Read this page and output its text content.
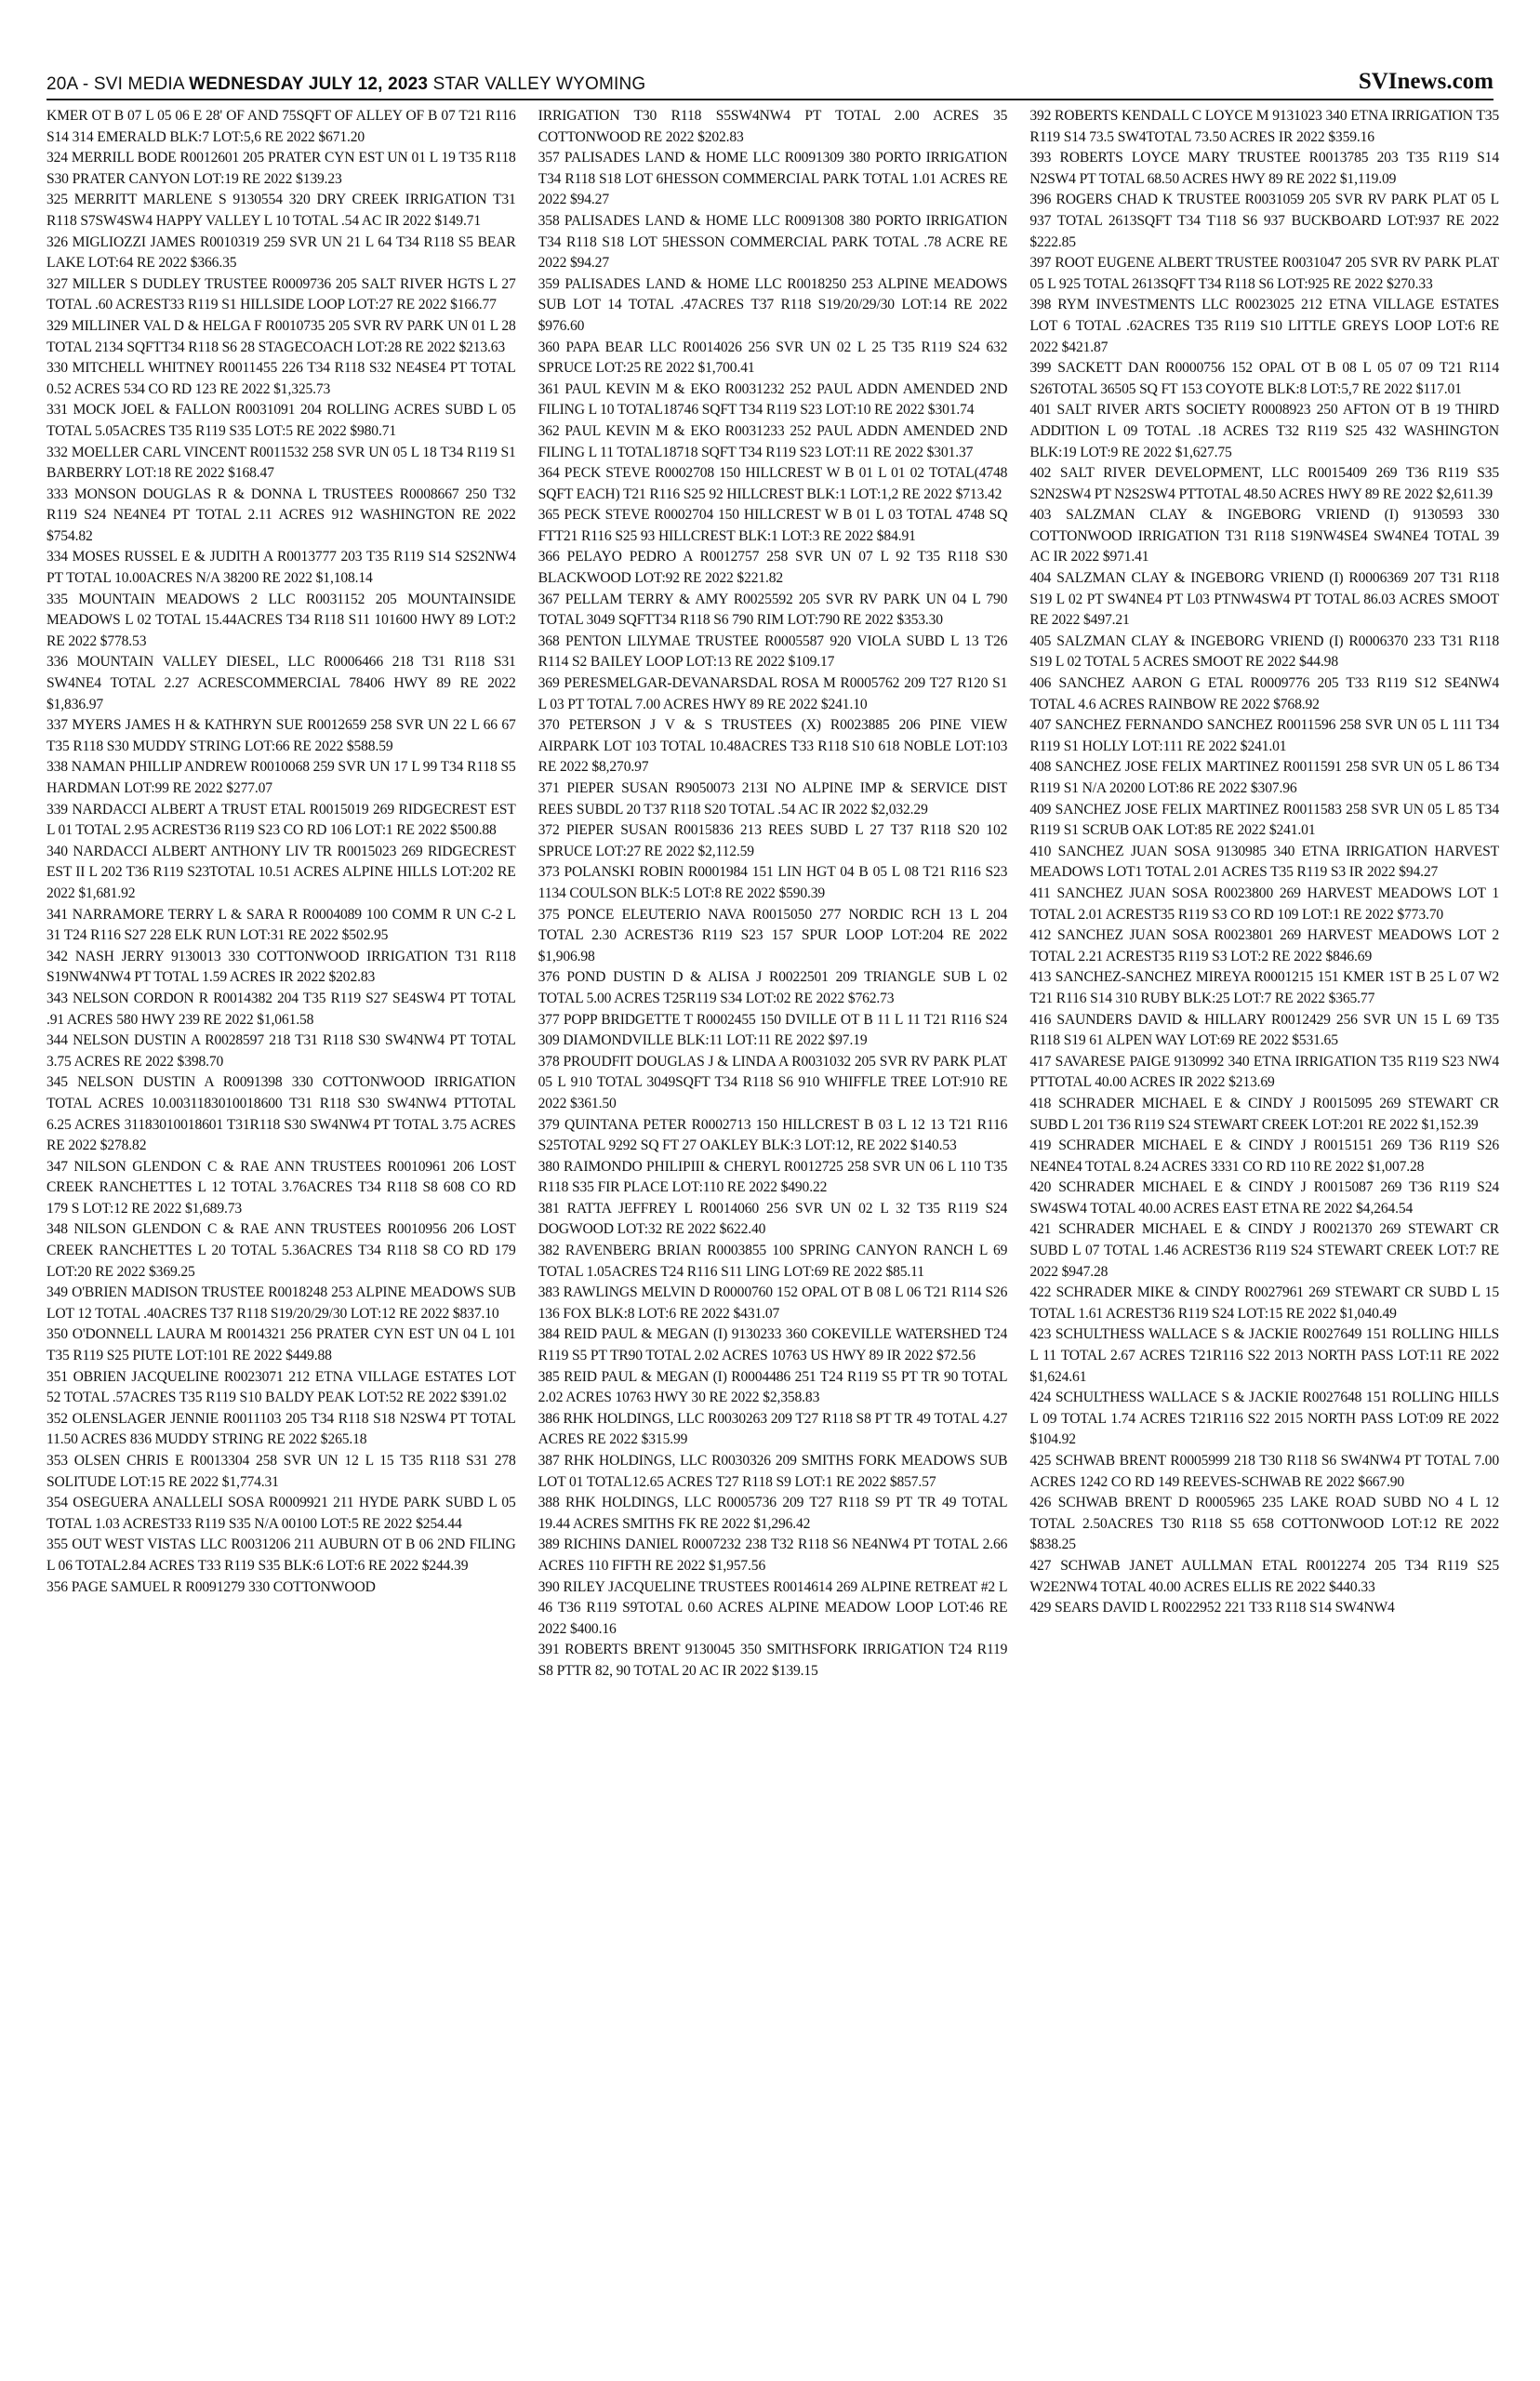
20A - SVI MEDIA WEDNESDAY JULY 12, 2023 STAR VALLEY WYOMING	SVInews.com

KMER OT B 07 L 05 06 E 28' OF AND 75SQFT OF ALLEY OF B 07 T21 R116 S14 314 EMERALD BLK:7 LOT:5,6 RE 2022 $671.20

324 MERRILL BODE R0012601 205 PRATER CYN EST UN 01 L 19 T35 R118 S30 PRATER CANYON LOT:19 RE 2022 $139.23

325 MERRITT MARLENE S 9130554 320 DRY CREEK IRRIGATION T31 R118 S7SW4SW4 HAPPY VALLEY L 10 TOTAL .54 AC IR 2022 $149.71

326 MIGLIOZZI JAMES R0010319 259 SVR UN 21 L 64 T34 R118 S5 BEAR LAKE LOT:64 RE 2022 $366.35

327 MILLER S DUDLEY TRUSTEE R0009736 205 SALT RIVER HGTS L 27 TOTAL .60 ACREST33 R119 S1 HILLSIDE LOOP LOT:27 RE 2022 $166.77

329 MILLINER VAL D & HELGA F R0010735 205 SVR RV PARK UN 01 L 28 TOTAL 2134 SQFTT34 R118 S6 28 STAGECOACH LOT:28 RE 2022 $213.63

330 MITCHELL WHITNEY R0011455 226 T34 R118 S32 NE4SE4 PT TOTAL 0.52 ACRES 534 CO RD 123 RE 2022 $1,325.73

331 MOCK JOEL & FALLON R0031091 204 ROLLING ACRES SUBD L 05 TOTAL 5.05ACRES T35 R119 S35 LOT:5 RE 2022 $980.71

332 MOELLER CARL VINCENT R0011532 258 SVR UN 05 L 18 T34 R119 S1 BARBERRY LOT:18 RE 2022 $168.47

333 MONSON DOUGLAS R & DONNA L TRUSTEES R0008667 250 T32 R119 S24 NE4NE4 PT TOTAL 2.11 ACRES 912 WASHINGTON RE 2022 $754.82

334 MOSES RUSSEL E & JUDITH A R0013777 203 T35 R119 S14 S2S2NW4 PT TOTAL 10.00ACRES N/A 38200 RE 2022 $1,108.14

335 MOUNTAIN MEADOWS 2 LLC R0031152 205 MOUNTAINSIDE MEADOWS L 02 TOTAL 15.44ACRES T34 R118 S11 101600 HWY 89 LOT:2 RE 2022 $778.53

336 MOUNTAIN VALLEY DIESEL, LLC R0006466 218 T31 R118 S31 SW4NE4 TOTAL 2.27 ACRESCOMMERCIAL 78406 HWY 89 RE 2022 $1,836.97

337 MYERS JAMES H & KATHRYN SUE R0012659 258 SVR UN 22 L 66 67 T35 R118 S30 MUDDY STRING LOT:66 RE 2022 $588.59

338 NAMAN PHILLIP ANDREW R0010068 259 SVR UN 17 L 99 T34 R118 S5 HARDMAN LOT:99 RE 2022 $277.07

339 NARDACCI ALBERT A TRUST ETAL R0015019 269 RIDGECREST EST L 01 TOTAL 2.95 ACREST36 R119 S23 CO RD 106 LOT:1 RE 2022 $500.88

340 NARDACCI ALBERT ANTHONY LIV TR R0015023 269 RIDGECREST EST II L 202 T36 R119 S23TOTAL 10.51 ACRES ALPINE HILLS LOT:202 RE 2022 $1,681.92

341 NARRAMORE TERRY L & SARA R R0004089 100 COMM R UN C-2 L 31 T24 R116 S27 228 ELK RUN LOT:31 RE 2022 $502.95

342 NASH JERRY 9130013 330 COTTONWOOD IRRIGATION T31 R118 S19NW4NW4 PT TOTAL 1.59 ACRES IR 2022 $202.83

343 NELSON CORDON R R0014382 204 T35 R119 S27 SE4SW4 PT TOTAL .91 ACRES 580 HWY 239 RE 2022 $1,061.58

344 NELSON DUSTIN A R0028597 218 T31 R118 S30 SW4NW4 PT TOTAL 3.75 ACRES RE 2022 $398.70

345 NELSON DUSTIN A R0091398 330 COTTONWOOD IRRIGATION TOTAL ACRES 10.0031183010018600 T31 R118 S30 SW4NW4 PTTOTAL 6.25 ACRES 31183010018601 T31R118 S30 SW4NW4 PT TOTAL 3.75 ACRES RE 2022 $278.82

347 NILSON GLENDON C & RAE ANN TRUSTEES R0010961 206 LOST CREEK RANCHETTES L 12 TOTAL 3.76ACRES T34 R118 S8 608 CO RD 179 S LOT:12 RE 2022 $1,689.73

348 NILSON GLENDON C & RAE ANN TRUSTEES R0010956 206 LOST CREEK RANCHETTES L 20 TOTAL 5.36ACRES T34 R118 S8 CO RD 179 LOT:20 RE 2022 $369.25

349 O'BRIEN MADISON TRUSTEE R0018248 253 ALPINE MEADOWS SUB LOT 12 TOTAL .40ACRES T37 R118 S19/20/29/30 LOT:12 RE 2022 $837.10

350 O'DONNELL LAURA M R0014321 256 PRATER CYN EST UN 04 L 101 T35 R119 S25 PIUTE LOT:101 RE 2022 $449.88

351 OBRIEN JACQUELINE R0023071 212 ETNA VILLAGE ESTATES LOT 52 TOTAL .57ACRES T35 R119 S10 BALDY PEAK LOT:52 RE 2022 $391.02

352 OLENSLAGER JENNIE R0011103 205 T34 R118 S18 N2SW4 PT TOTAL 11.50 ACRES 836 MUDDY STRING RE 2022 $265.18

353 OLSEN CHRIS E R0013304 258 SVR UN 12 L 15 T35 R118 S31 278 SOLITUDE LOT:15 RE 2022 $1,774.31

354 OSEGUERA ANALLELI SOSA R0009921 211 HYDE PARK SUBD L 05 TOTAL 1.03 ACREST33 R119 S35 N/A 00100 LOT:5 RE 2022 $254.44

355 OUT WEST VISTAS LLC R0031206 211 AUBURN OT B 06 2ND FILING L 06 TOTAL2.84 ACRES T33 R119 S35 BLK:6 LOT:6 RE 2022 $244.39

356 PAGE SAMUEL R R0091279 330 COTTONWOOD

IRRIGATION T30 R118 S5SW4NW4 PT TOTAL 2.00 ACRES 35 COTTONWOOD RE 2022 $202.83

357 PALISADES LAND & HOME LLC R0091309 380 PORTO IRRIGATION T34 R118 S18 LOT 6HESSON COMMERCIAL PARK TOTAL 1.01 ACRES RE 2022 $94.27

358 PALISADES LAND & HOME LLC R0091308 380 PORTO IRRIGATION T34 R118 S18 LOT 5HESSON COMMERCIAL PARK TOTAL .78 ACRE RE 2022 $94.27

359 PALISADES LAND & HOME LLC R0018250 253 ALPINE MEADOWS SUB LOT 14 TOTAL .47ACRES T37 R118 S19/20/29/30 LOT:14 RE 2022 $976.60

360 PAPA BEAR LLC R0014026 256 SVR UN 02 L 25 T35 R119 S24 632 SPRUCE LOT:25 RE 2022 $1,700.41

361 PAUL KEVIN M & EKO R0031232 252 PAUL ADDN AMENDED 2ND FILING L 10 TOTAL18746 SQFT T34 R119 S23 LOT:10 RE 2022 $301.74

362 PAUL KEVIN M & EKO R0031233 252 PAUL ADDN AMENDED 2ND FILING L 11 TOTAL18718 SQFT T34 R119 S23 LOT:11 RE 2022 $301.37

364 PECK STEVE R0002708 150 HILLCREST W B 01 L 01 02 TOTAL(4748 SQFT EACH) T21 R116 S25 92 HILLCREST BLK:1 LOT:1,2 RE 2022 $713.42

365 PECK STEVE R0002704 150 HILLCREST W B 01 L 03 TOTAL 4748 SQ FTT21 R116 S25 93 HILLCREST BLK:1 LOT:3 RE 2022 $84.91

366 PELAYO PEDRO A R0012757 258 SVR UN 07 L 92 T35 R118 S30 BLACKWOOD LOT:92 RE 2022 $221.82

367 PELLAM TERRY & AMY R0025592 205 SVR RV PARK UN 04 L 790 TOTAL 3049 SQFTT34 R118 S6 790 RIM LOT:790 RE 2022 $353.30

368 PENTON LILYMAE TRUSTEE R0005587 920 VIOLA SUBD L 13 T26 R114 S2 BAILEY LOOP LOT:13 RE 2022 $109.17

369 PERESMELGAR-DEVANARSDAL ROSA M R0005762 209 T27 R120 S1 L 03 PT TOTAL 7.00 ACRES HWY 89 RE 2022 $241.10

370 PETERSON J V & S TRUSTEES (X) R0023885 206 PINE VIEW AIRPARK LOT 103 TOTAL 10.48ACRES T33 R118 S10 618 NOBLE LOT:103 RE 2022 $8,270.97

371 PIEPER SUSAN R9050073 213I NO ALPINE IMP & SERVICE DIST REES SUBDL 20 T37 R118 S20 TOTAL .54 AC IR 2022 $2,032.29

372 PIEPER SUSAN R0015836 213 REES SUBD L 27 T37 R118 S20 102 SPRUCE LOT:27 RE 2022 $2,112.59

373 POLANSKI ROBIN R0001984 151 LIN HGT 04 B 05 L 08 T21 R116 S23 1134 COULSON BLK:5 LOT:8 RE 2022 $590.39

375 PONCE ELEUTERIO NAVA R0015050 277 NORDIC RCH 13 L 204 TOTAL 2.30 ACREST36 R119 S23 157 SPUR LOOP LOT:204 RE 2022 $1,906.98

376 POND DUSTIN D & ALISA J R0022501 209 TRIANGLE SUB L 02 TOTAL 5.00 ACRES T25R119 S34 LOT:02 RE 2022 $762.73

377 POPP BRIDGETTE T R0002455 150 DVILLE OT B 11 L 11 T21 R116 S24 309 DIAMONDVILLE BLK:11 LOT:11 RE 2022 $97.19

378 PROUDFIT DOUGLAS J & LINDA A R0031032 205 SVR RV PARK PLAT 05 L 910 TOTAL 3049SQFT T34 R118 S6 910 WHIFFLE TREE LOT:910 RE 2022 $361.50

379 QUINTANA PETER R0002713 150 HILLCREST B 03 L 12 13 T21 R116 S25TOTAL 9292 SQ FT 27 OAKLEY BLK:3 LOT:12, RE 2022 $140.53

380 RAIMONDO PHILIPIII & CHERYL R0012725 258 SVR UN 06 L 110 T35 R118 S35 FIR PLACE LOT:110 RE 2022 $490.22

381 RATTA JEFFREY L R0014060 256 SVR UN 02 L 32 T35 R119 S24 DOGWOOD LOT:32 RE 2022 $622.40

382 RAVENBERG BRIAN R0003855 100 SPRING CANYON RANCH L 69 TOTAL 1.05ACRES T24 R116 S11 LING LOT:69 RE 2022 $85.11

383 RAWLINGS MELVIN D R0000760 152 OPAL OT B 08 L 06 T21 R114 S26 136 FOX BLK:8 LOT:6 RE 2022 $431.07

384 REID PAUL & MEGAN (I) 9130233 360 COKEVILLE WATERSHED T24 R119 S5 PT TR90 TOTAL 2.02 ACRES 10763 US HWY 89 IR 2022 $72.56

385 REID PAUL & MEGAN (I) R0004486 251 T24 R119 S5 PT TR 90 TOTAL 2.02 ACRES 10763 HWY 30 RE 2022 $2,358.83

386 RHK HOLDINGS, LLC R0030263 209 T27 R118 S8 PT TR 49 TOTAL 4.27 ACRES RE 2022 $315.99

387 RHK HOLDINGS, LLC R0030326 209 SMITHS FORK MEADOWS SUB LOT 01 TOTAL12.65 ACRES T27 R118 S9 LOT:1 RE 2022 $857.57

388 RHK HOLDINGS, LLC R0005736 209 T27 R118 S9 PT TR 49 TOTAL 19.44 ACRES SMITHS FK RE 2022 $1,296.42

389 RICHINS DANIEL R0007232 238 T32 R118 S6 NE4NW4 PT TOTAL 2.66 ACRES 110 FIFTH RE 2022 $1,957.56

390 RILEY JACQUELINE TRUSTEES R0014614 269 ALPINE RETREAT #2 L 46 T36 R119 S9TOTAL 0.60 ACRES ALPINE MEADOW LOOP LOT:46 RE 2022 $400.16

391 ROBERTS BRENT 9130045 350 SMITHSFORK IRRIGATION T24 R119 S8 PTTR 82, 90 TOTAL 20 AC IR 2022 $139.15

392 ROBERTS KENDALL C LOYCE M 9131023 340 ETNA IRRIGATION T35 R119 S14 73.5 SW4TOTAL 73.50 ACRES IR 2022 $359.16

393 ROBERTS LOYCE MARY TRUSTEE R0013785 203 T35 R119 S14 N2SW4 PT TOTAL 68.50 ACRES HWY 89 RE 2022 $1,119.09

396 ROGERS CHAD K TRUSTEE R0031059 205 SVR RV PARK PLAT 05 L 937 TOTAL 2613SQFT T34 T118 S6 937 BUCKBOARD LOT:937 RE 2022 $222.85

397 ROOT EUGENE ALBERT TRUSTEE R0031047 205 SVR RV PARK PLAT 05 L 925 TOTAL 2613SQFT T34 R118 S6 LOT:925 RE 2022 $270.33

398 RYM INVESTMENTS LLC R0023025 212 ETNA VILLAGE ESTATES LOT 6 TOTAL .62ACRES T35 R119 S10 LITTLE GREYS LOOP LOT:6 RE 2022 $421.87

399 SACKETT DAN R0000756 152 OPAL OT B 08 L 05 07 09 T21 R114 S26TOTAL 36505 SQ FT 153 COYOTE BLK:8 LOT:5,7 RE 2022 $117.01

401 SALT RIVER ARTS SOCIETY R0008923 250 AFTON OT B 19 THIRD ADDITION L 09 TOTAL .18 ACRES T32 R119 S25 432 WASHINGTON BLK:19 LOT:9 RE 2022 $1,627.75

402 SALT RIVER DEVELOPMENT, LLC R0015409 269 T36 R119 S35 S2N2SW4 PT N2S2SW4 PTTOTAL 48.50 ACRES HWY 89 RE 2022 $2,611.39

403 SALZMAN CLAY & INGEBORG VRIEND (I) 9130593 330 COTTONWOOD IRRIGATION T31 R118 S19NW4SE4 SW4NE4 TOTAL 39 AC IR 2022 $971.41

404 SALZMAN CLAY & INGEBORG VRIEND (I) R0006369 207 T31 R118 S19 L 02 PT SW4NE4 PT L03 PTNW4SW4 PT TOTAL 86.03 ACRES SMOOT RE 2022 $497.21

405 SALZMAN CLAY & INGEBORG VRIEND (I) R0006370 233 T31 R118 S19 L 02 TOTAL 5 ACRES SMOOT RE 2022 $44.98

406 SANCHEZ AARON G ETAL R0009776 205 T33 R119 S12 SE4NW4 TOTAL 4.6 ACRES RAINBOW RE 2022 $768.92

407 SANCHEZ FERNANDO SANCHEZ R0011596 258 SVR UN 05 L 111 T34 R119 S1 HOLLY LOT:111 RE 2022 $241.01

408 SANCHEZ JOSE FELIX MARTINEZ R0011591 258 SVR UN 05 L 86 T34 R119 S1 N/A 20200 LOT:86 RE 2022 $307.96

409 SANCHEZ JOSE FELIX MARTINEZ R0011583 258 SVR UN 05 L 85 T34 R119 S1 SCRUB OAK LOT:85 RE 2022 $241.01

410 SANCHEZ JUAN SOSA 9130985 340 ETNA IRRIGATION HARVEST MEADOWS LOT1 TOTAL 2.01 ACRES T35 R119 S3 IR 2022 $94.27

411 SANCHEZ JUAN SOSA R0023800 269 HARVEST MEADOWS LOT 1 TOTAL 2.01 ACREST35 R119 S3 CO RD 109 LOT:1 RE 2022 $773.70

412 SANCHEZ JUAN SOSA R0023801 269 HARVEST MEADOWS LOT 2 TOTAL 2.21 ACREST35 R119 S3 LOT:2 RE 2022 $846.69

413 SANCHEZ-SANCHEZ MIREYA R0001215 151 KMER 1ST B 25 L 07 W2 T21 R116 S14 310 RUBY BLK:25 LOT:7 RE 2022 $365.77

416 SAUNDERS DAVID & HILLARY R0012429 256 SVR UN 15 L 69 T35 R118 S19 61 ALPEN WAY LOT:69 RE 2022 $531.65

417 SAVARESE PAIGE 9130992 340 ETNA IRRIGATION T35 R119 S23 NW4 PTTOTAL 40.00 ACRES IR 2022 $213.69

418 SCHRADER MICHAEL E & CINDY J R0015095 269 STEWART CR SUBD L 201 T36 R119 S24 STEWART CREEK LOT:201 RE 2022 $1,152.39

419 SCHRADER MICHAEL E & CINDY J R0015151 269 T36 R119 S26 NE4NE4 TOTAL 8.24 ACRES 3331 CO RD 110 RE 2022 $1,007.28

420 SCHRADER MICHAEL E & CINDY J R0015087 269 T36 R119 S24 SW4SW4 TOTAL 40.00 ACRES EAST ETNA RE 2022 $4,264.54

421 SCHRADER MICHAEL E & CINDY J R0021370 269 STEWART CR SUBD L 07 TOTAL 1.46 ACREST36 R119 S24 STEWART CREEK LOT:7 RE 2022 $947.28

422 SCHRADER MIKE & CINDY R0027961 269 STEWART CR SUBD L 15 TOTAL 1.61 ACREST36 R119 S24 LOT:15 RE 2022 $1,040.49

423 SCHULTHESS WALLACE S & JACKIE R0027649 151 ROLLING HILLS L 11 TOTAL 2.67 ACRES T21R116 S22 2013 NORTH PASS LOT:11 RE 2022 $1,624.61

424 SCHULTHESS WALLACE S & JACKIE R0027648 151 ROLLING HILLS L 09 TOTAL 1.74 ACRES T21R116 S22 2015 NORTH PASS LOT:09 RE 2022 $104.92

425 SCHWAB BRENT R0005999 218 T30 R118 S6 SW4NW4 PT TOTAL 7.00 ACRES 1242 CO RD 149 REEVES-SCHWAB RE 2022 $667.90

426 SCHWAB BRENT D R0005965 235 LAKE ROAD SUBD NO 4 L 12 TOTAL 2.50ACRES T30 R118 S5 658 COTTONWOOD LOT:12 RE 2022 $838.25

427 SCHWAB JANET AULLMAN ETAL R0012274 205 T34 R119 S25 W2E2NW4 TOTAL 40.00 ACRES ELLIS RE 2022 $440.33

429 SEARS DAVID L R0022952 221 T33 R118 S14 SW4NW4
